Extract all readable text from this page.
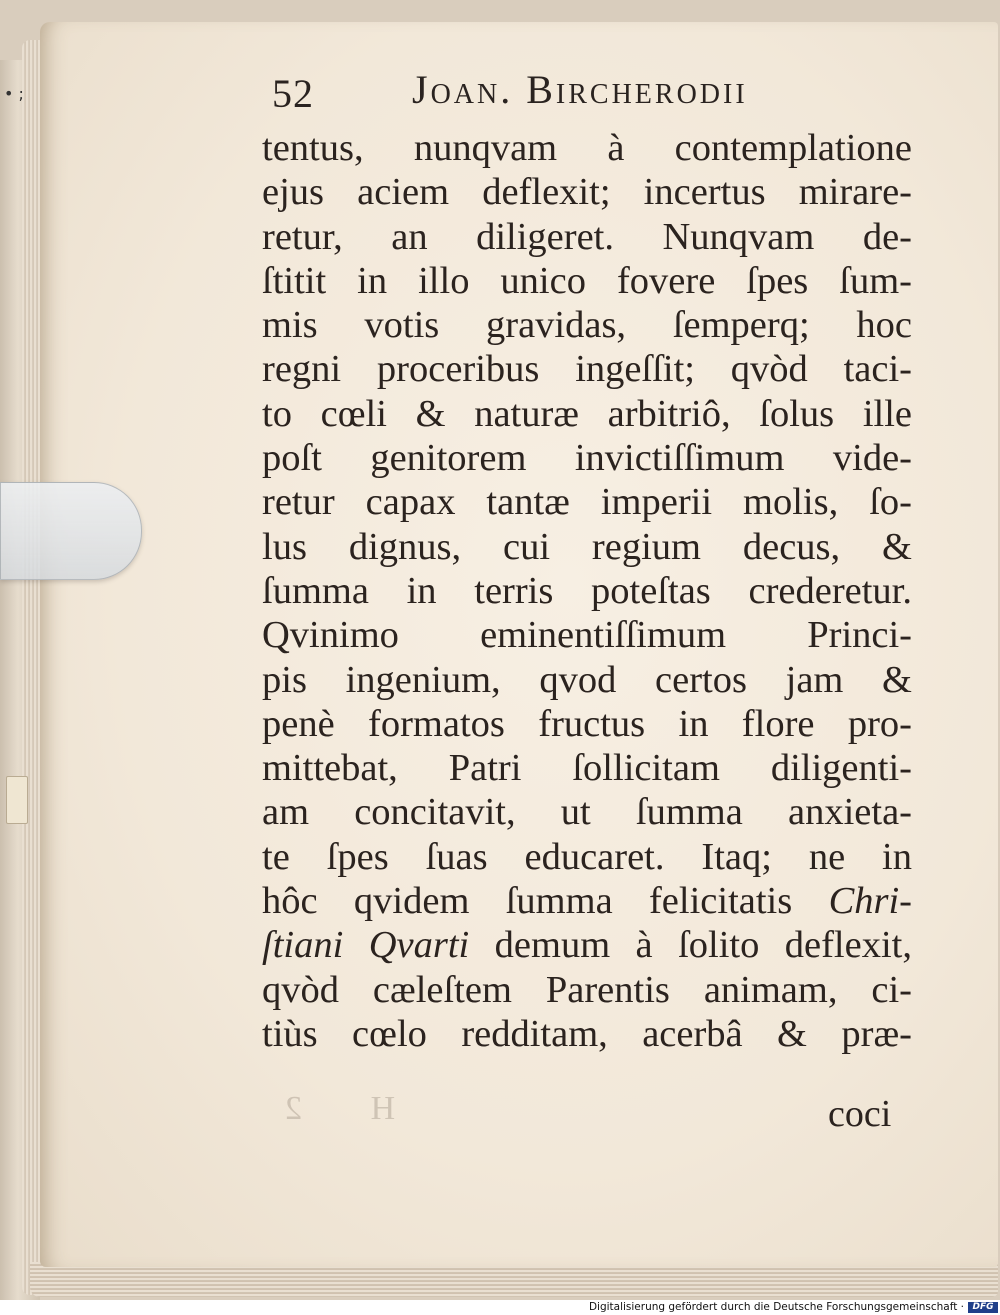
• ;	52 Joan. Bircherodii
tentus, nunqvam à contemplatione
ejus aciem deflexit; incertus mirare-
retur, an diligeret. Nunqvam de-
ſtitit in illo unico fovere ſpes ſum-
mis votis gravidas, ſemperq; hoc
regni proceribus ingeſſit; qvòd taci-
to cœli & naturæ arbitriô, ſolus ille
poſt genitorem invictiſſimum vide-
retur capax tantæ imperii molis, ſo-
lus dignus, cui regium decus, &
ſumma in terris poteſtas crederetur.
Qvinimo eminentiſſimum Princi-
pis ingenium, qvod certos jam &
penè formatos fructus in flore pro-
mittebat, Patri ſollicitam diligenti-
am concitavit, ut ſumma anxieta-
te ſpes ſuas educaret. Itaq; ne in
hôc qvidem ſumma felicitatis Chri-
ſtiani Qvarti demum à ſolito deflexit,
qvòd cæleſtem Parentis animam, ci-
tiùs cœlo redditam, acerbâ & præ-
H 2	coci
Digitalisierung gefördert durch die Deutsche Forschungsgemeinschaft · DFG
